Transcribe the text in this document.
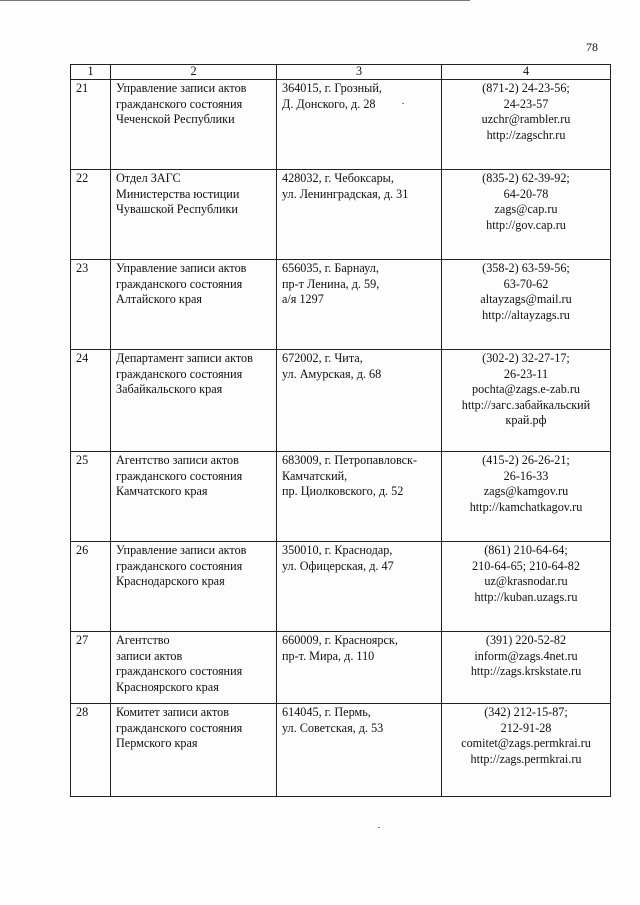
78
1	2	3	4
21	Управление записи актов
гражданского состояния
Чеченской Республики	364015, г. Грозный,
Д. Донского, д. 28	(871-2) 24-23-56;
24-23-57
uzchr@rambler.ru
http://zagschr.ru

22	Отдел ЗАГС
Министерства юстиции
Чувашской Республики	428032, г. Чебоксары,
ул. Ленинградская, д. 31	(835-2) 62-39-92;
64-20-78
zags@cap.ru
http://gov.cap.ru

23	Управление записи актов
гражданского состояния
Алтайского края	656035, г. Барнаул,
пр-т Ленина, д. 59,
а/я 1297	(358-2) 63-59-56;
63-70-62
altayzags@mail.ru
http://altayzags.ru

24	Департамент записи актов
гражданского состояния
Забайкальского края	672002, г. Чита,
ул. Амурская, д. 68	(302-2) 32-27-17;
26-23-11
pochta@zags.e-zab.ru
http://загс.забайкальский
край.рф

25	Агентство записи актов
гражданского состояния
Камчатского края	683009, г. Петропавловск-
Камчатский,
пр. Циолковского, д. 52	(415-2) 26-26-21;
26-16-33
zags@kamgov.ru
http://kamchatkagov.ru

26	Управление записи актов
гражданского состояния
Краснодарского края	350010, г. Краснодар,
ул. Офицерская, д. 47	(861) 210-64-64;
210-64-65; 210-64-82
uz@krasnodar.ru
http://kuban.uzags.ru

27	Агентство
записи актов
гражданского состояния
Красноярского края	660009, г. Красноярск,
пр-т. Мира, д. 110	(391) 220-52-82
inform@zags.4net.ru
http://zags.krskstate.ru

28	Комитет записи актов
гражданского состояния
Пермского края	614045, г. Пермь,
ул. Советская, д. 53	(342) 212-15-87;
212-91-28
comitet@zags.permkrai.ru
http://zags.permkrai.ru
